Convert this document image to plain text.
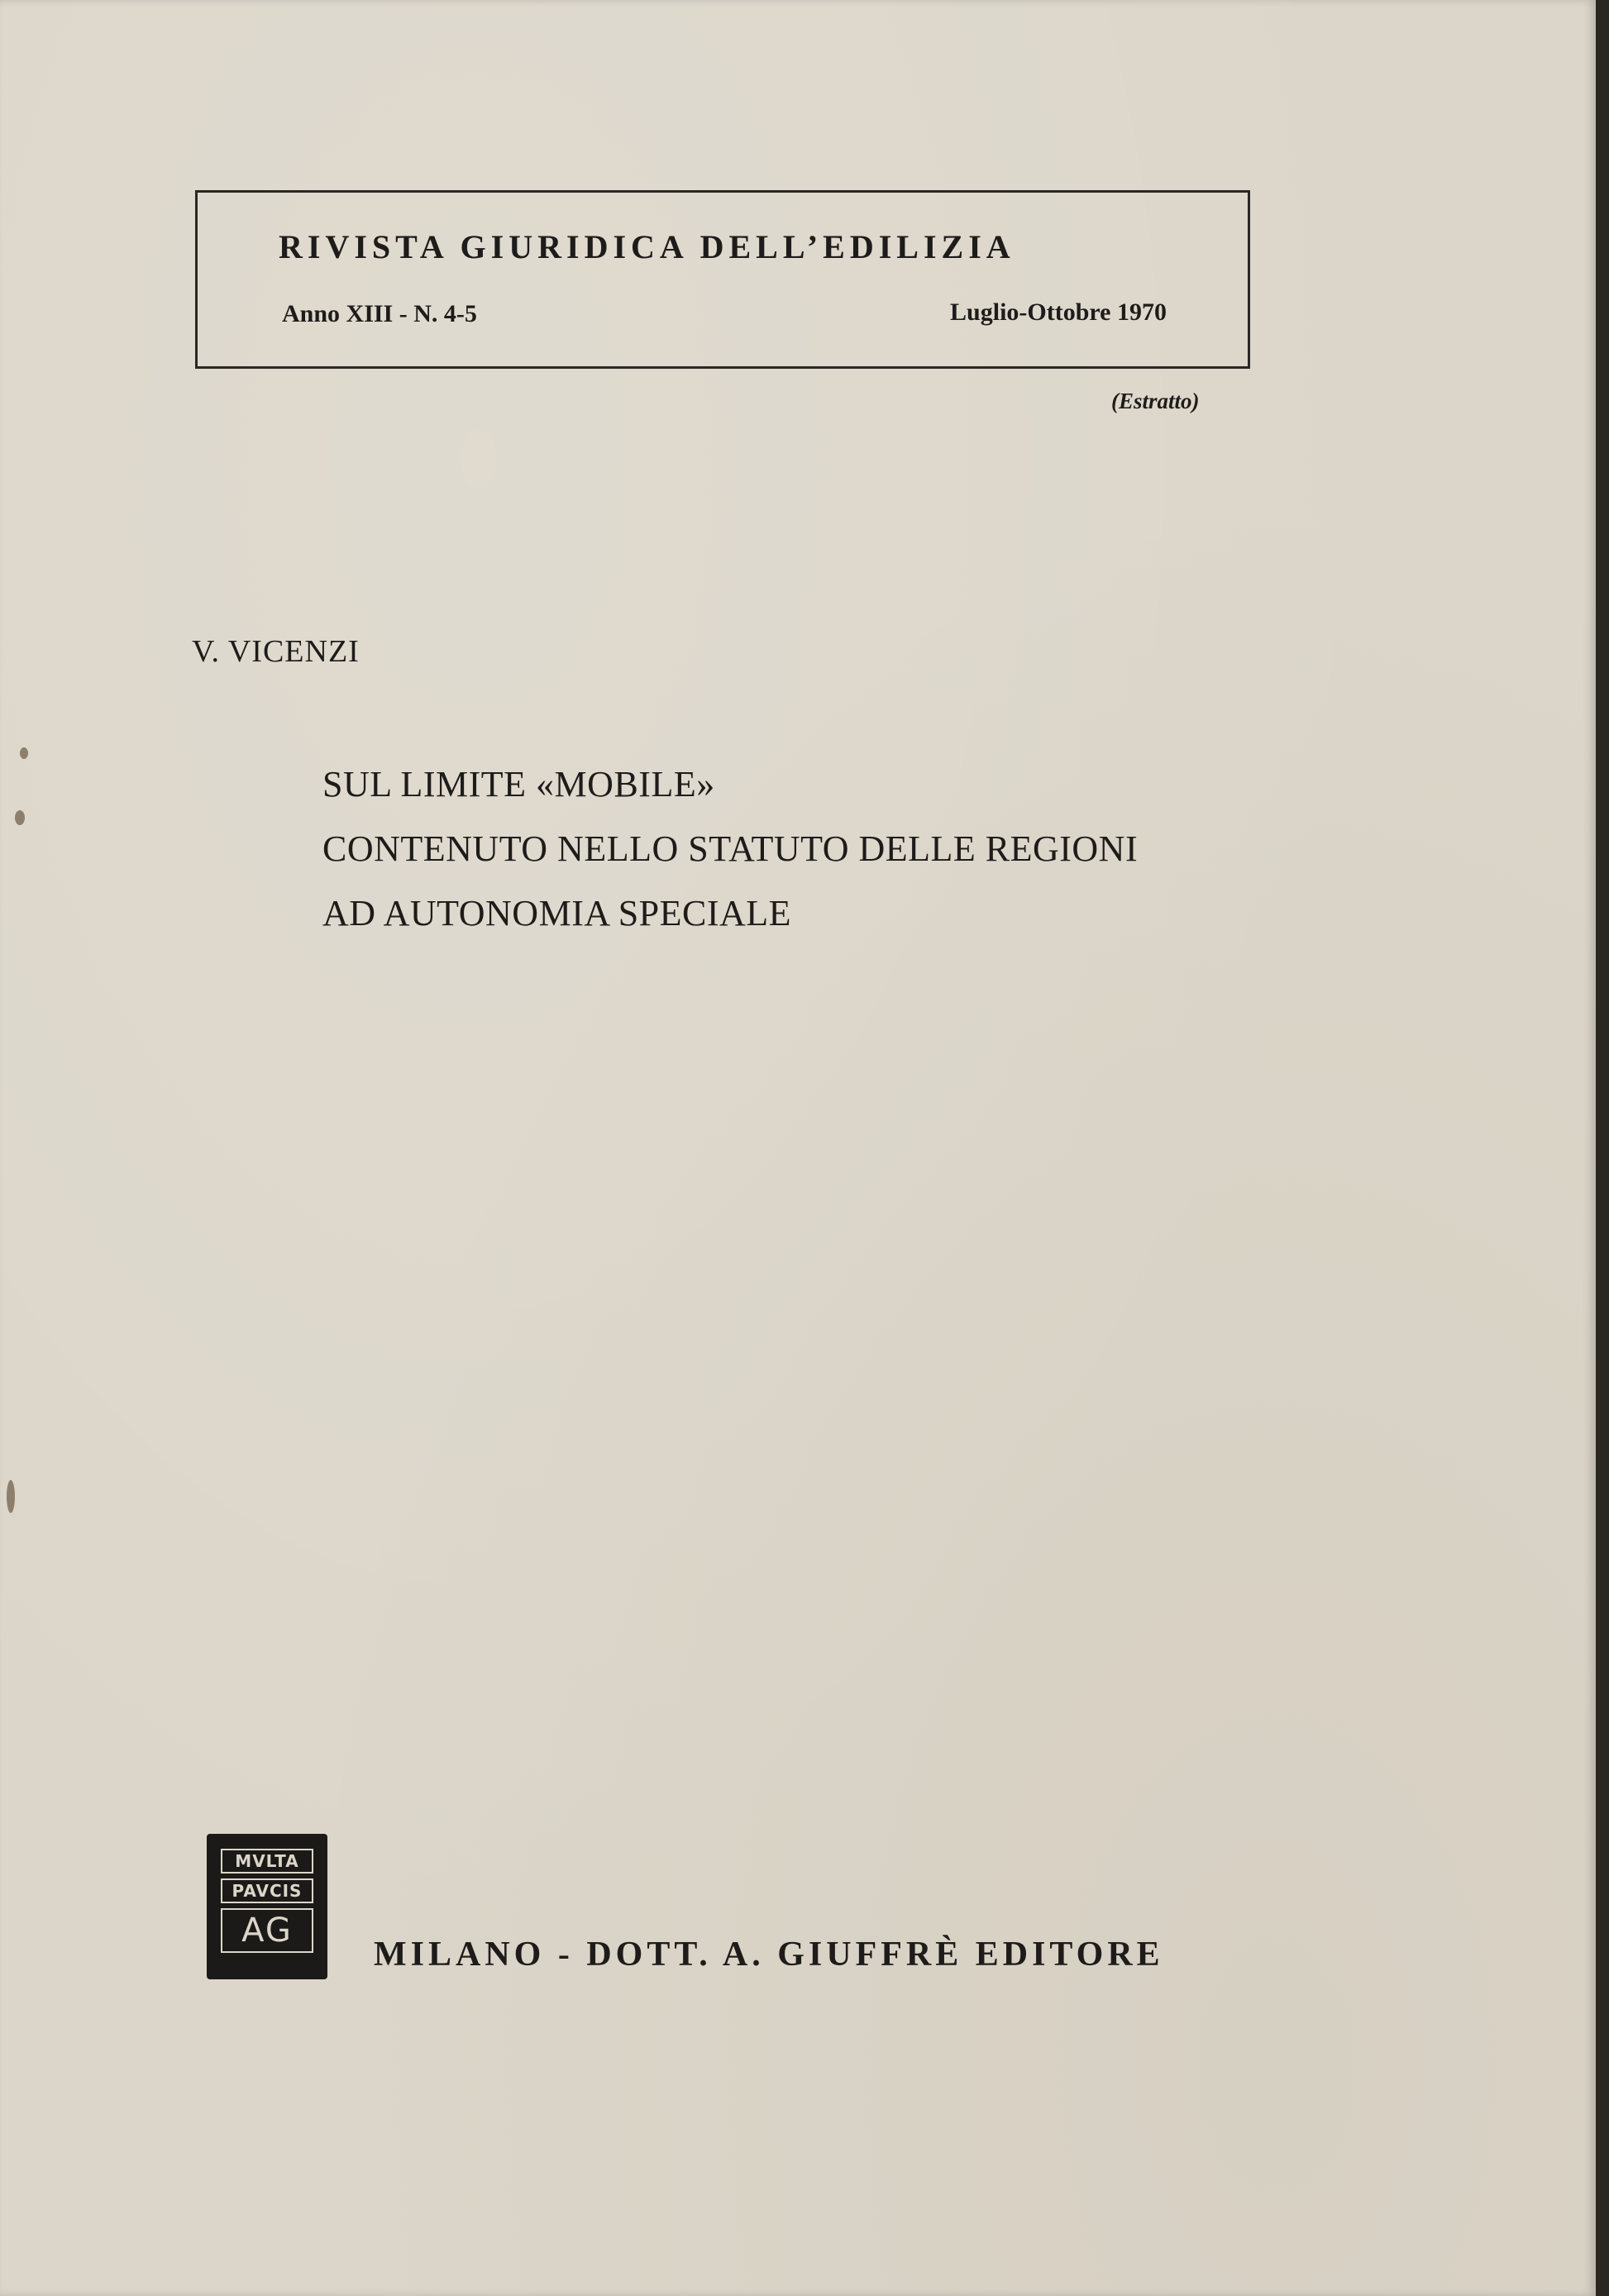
RIVISTA GIURIDICA DELL’EDILIZIA
Anno XIII - N. 4-5	Luglio-Ottobre 1970
(Estratto)
V. VICENZI
SUL LIMITE «MOBILE»
CONTENUTO NELLO STATUTO DELLE REGIONI
AD AUTONOMIA SPECIALE
MVLTA
PAVCIS
AG
MILANO - DOTT. A. GIUFFRÈ EDITORE
